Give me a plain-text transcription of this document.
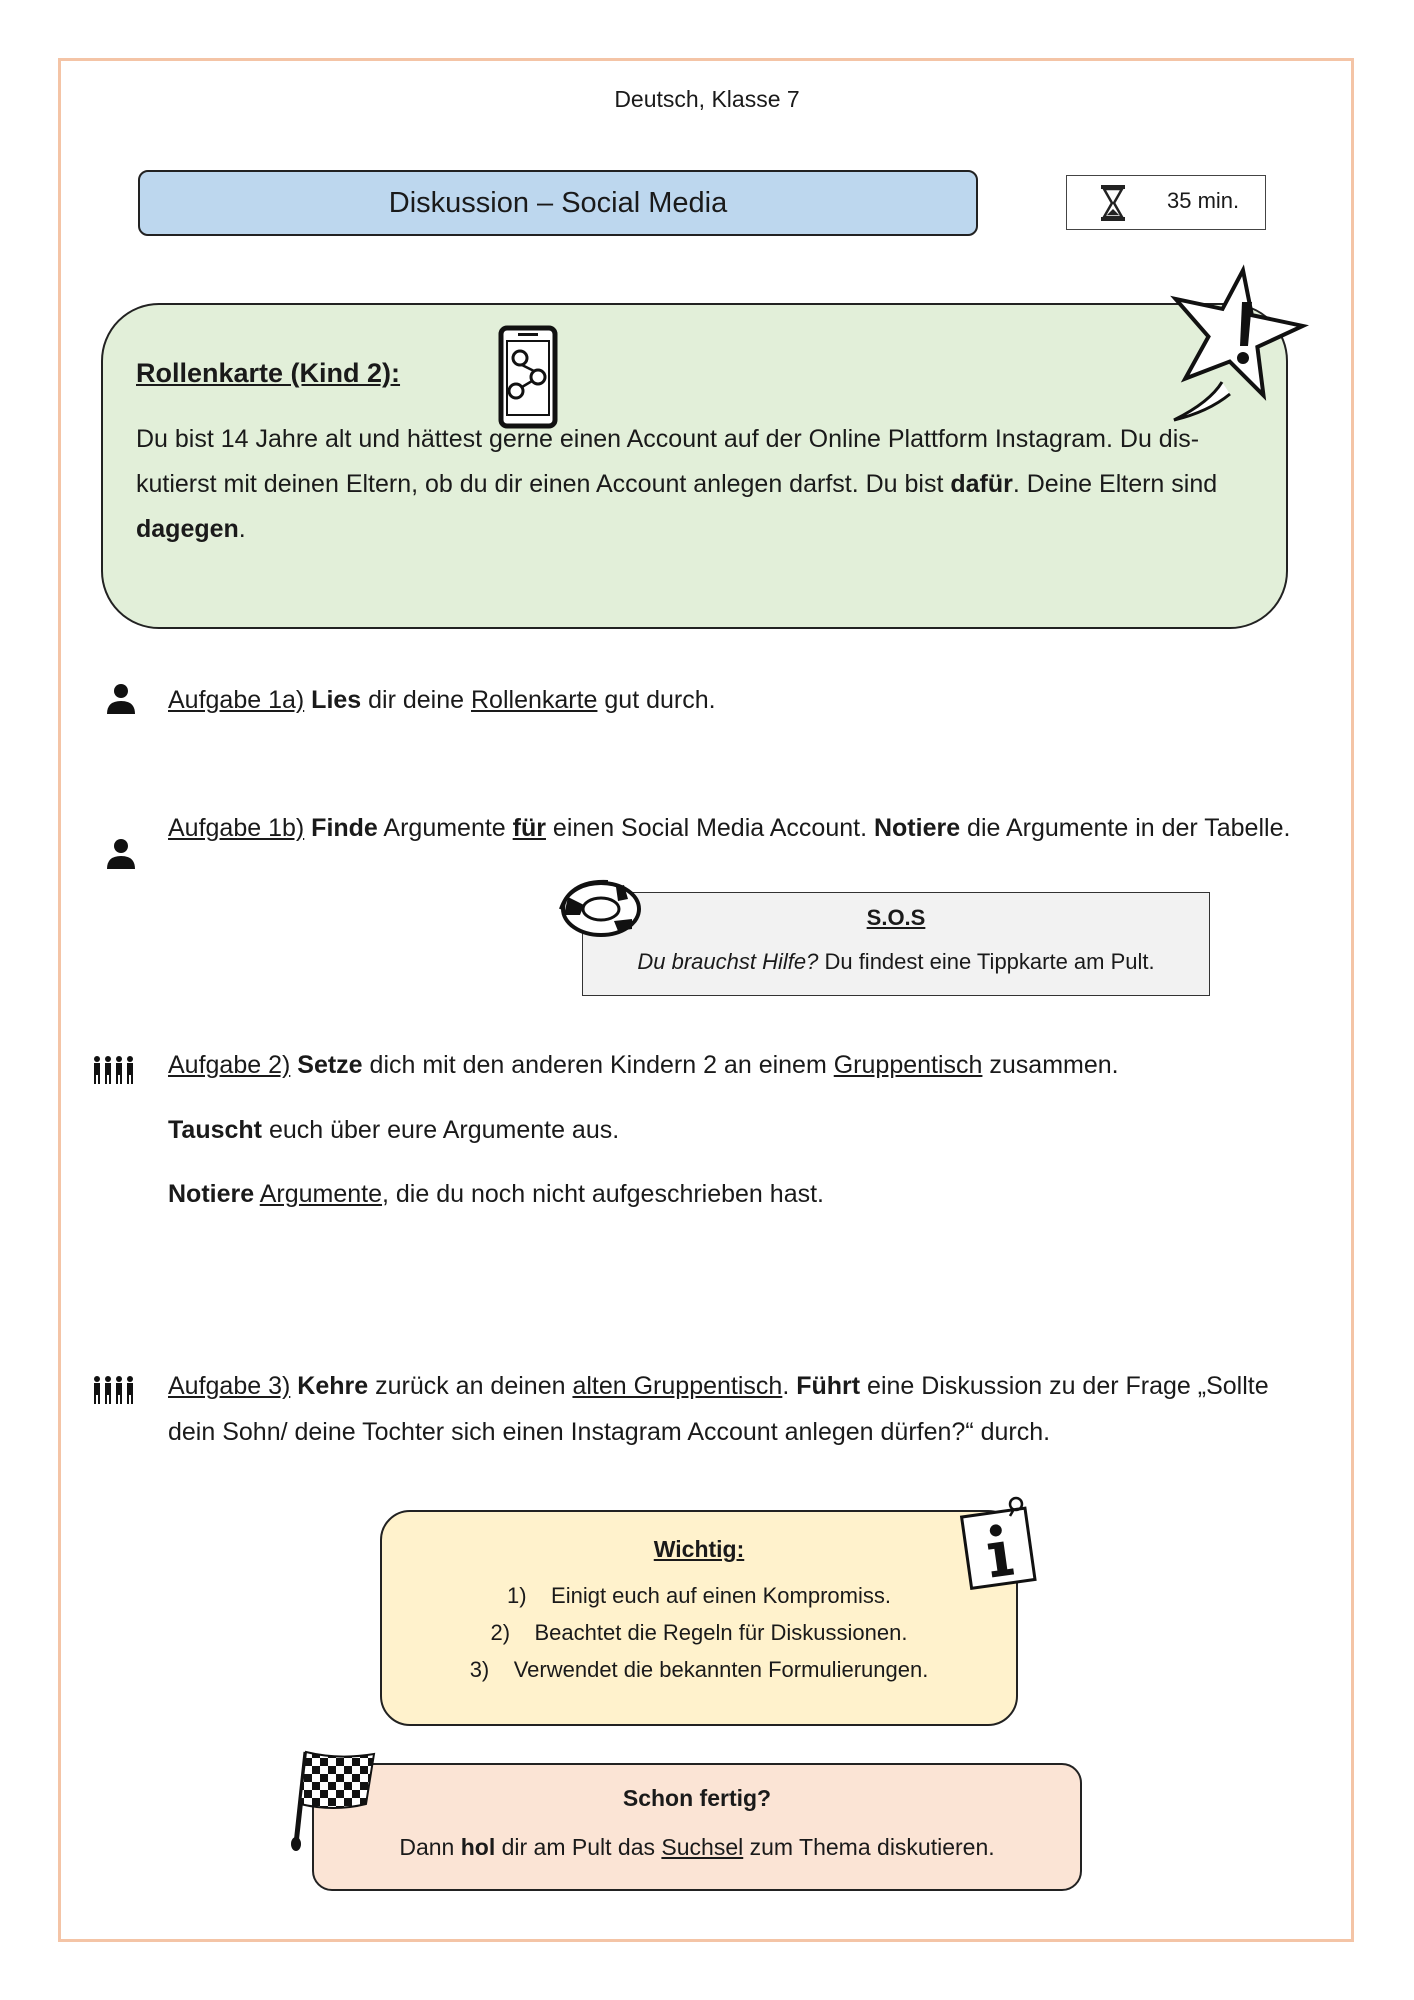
Deutsch, Klasse 7
Diskussion – Social Media	35 min.
Rollenkarte (Kind 2):
Du bist 14 Jahre alt und hättest gerne einen Account auf der Online Plattform Instagram. Du dis-kutierst mit deinen Eltern, ob du dir einen Account anlegen darfst. Du bist dafür. Deine Eltern sind dagegen.
Aufgabe 1a) Lies dir deine Rollenkarte gut durch.
Aufgabe 1b) Finde Argumente für einen Social Media Account. Notiere die Argumente in der Tabelle.
S.O.S
Du brauchst Hilfe? Du findest eine Tippkarte am Pult.
Aufgabe 2) Setze dich mit den anderen Kindern 2 an einem Gruppentisch zusammen.
Tauscht euch über eure Argumente aus.
Notiere Argumente, die du noch nicht aufgeschrieben hast.
Aufgabe 3) Kehre zurück an deinen alten Gruppentisch. Führt eine Diskussion zu der Frage „Sollte dein Sohn/ deine Tochter sich einen Instagram Account anlegen dürfen?“ durch.
Wichtig:
1)    Einigt euch auf einen Kompromiss.
2)    Beachtet die Regeln für Diskussionen.
3)    Verwendet die bekannten Formulierungen.
Schon fertig?
Dann hol dir am Pult das Suchsel zum Thema diskutieren.
